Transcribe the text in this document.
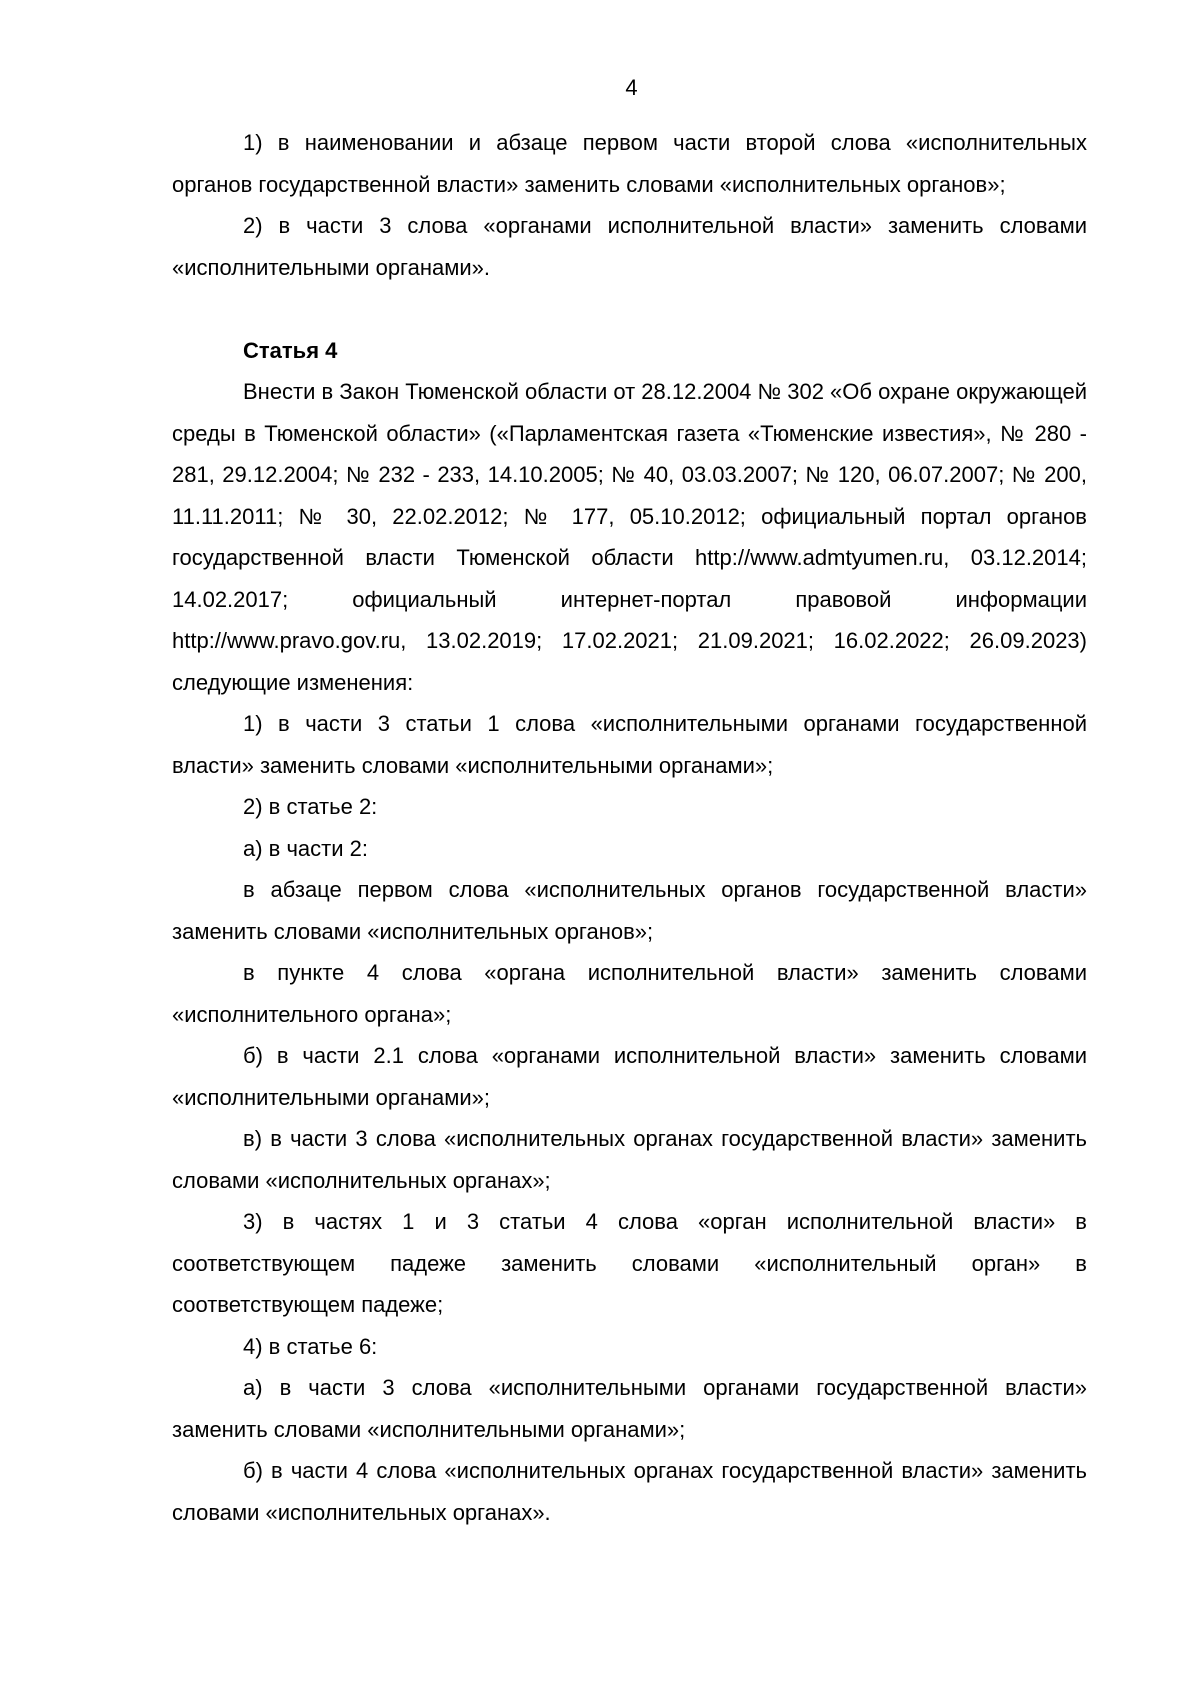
4

1) в наименовании и абзаце первом части второй слова «исполнительных органов государственной власти» заменить словами «исполнительных органов»;

2) в части 3 слова «органами исполнительной власти» заменить словами «исполнительными органами».

Статья 4

Внести в Закон Тюменской области от 28.12.2004 № 302 «Об охране окружающей среды в Тюменской области» («Парламентская газета «Тюменские известия», № 280 - 281, 29.12.2004; № 232 - 233, 14.10.2005; № 40, 03.03.2007; № 120, 06.07.2007; № 200, 11.11.2011; № 30, 22.02.2012; № 177, 05.10.2012; официальный портал органов государственной власти Тюменской области http://www.admtyumen.ru, 03.12.2014; 14.02.2017; официальный интернет-портал правовой информации http://www.pravo.gov.ru, 13.02.2019; 17.02.2021; 21.09.2021; 16.02.2022; 26.09.2023) следующие изменения:

1) в части 3 статьи 1 слова «исполнительными органами государственной власти» заменить словами «исполнительными органами»;

2) в статье 2:

а) в части 2:

в абзаце первом слова «исполнительных органов государственной власти» заменить словами «исполнительных органов»;

в пункте 4 слова «органа исполнительной власти» заменить словами «исполнительного органа»;

б) в части 2.1 слова «органами исполнительной власти» заменить словами «исполнительными органами»;

в) в части 3 слова «исполнительных органах государственной власти» заменить словами «исполнительных органах»;

3) в частях 1 и 3 статьи 4 слова «орган исполнительной власти» в соответствующем падеже заменить словами «исполнительный орган» в соответствующем падеже;

4) в статье 6:

а) в части 3 слова «исполнительными органами государственной власти» заменить словами «исполнительными органами»;

б) в части 4 слова «исполнительных органах государственной власти» заменить словами «исполнительных органах».
